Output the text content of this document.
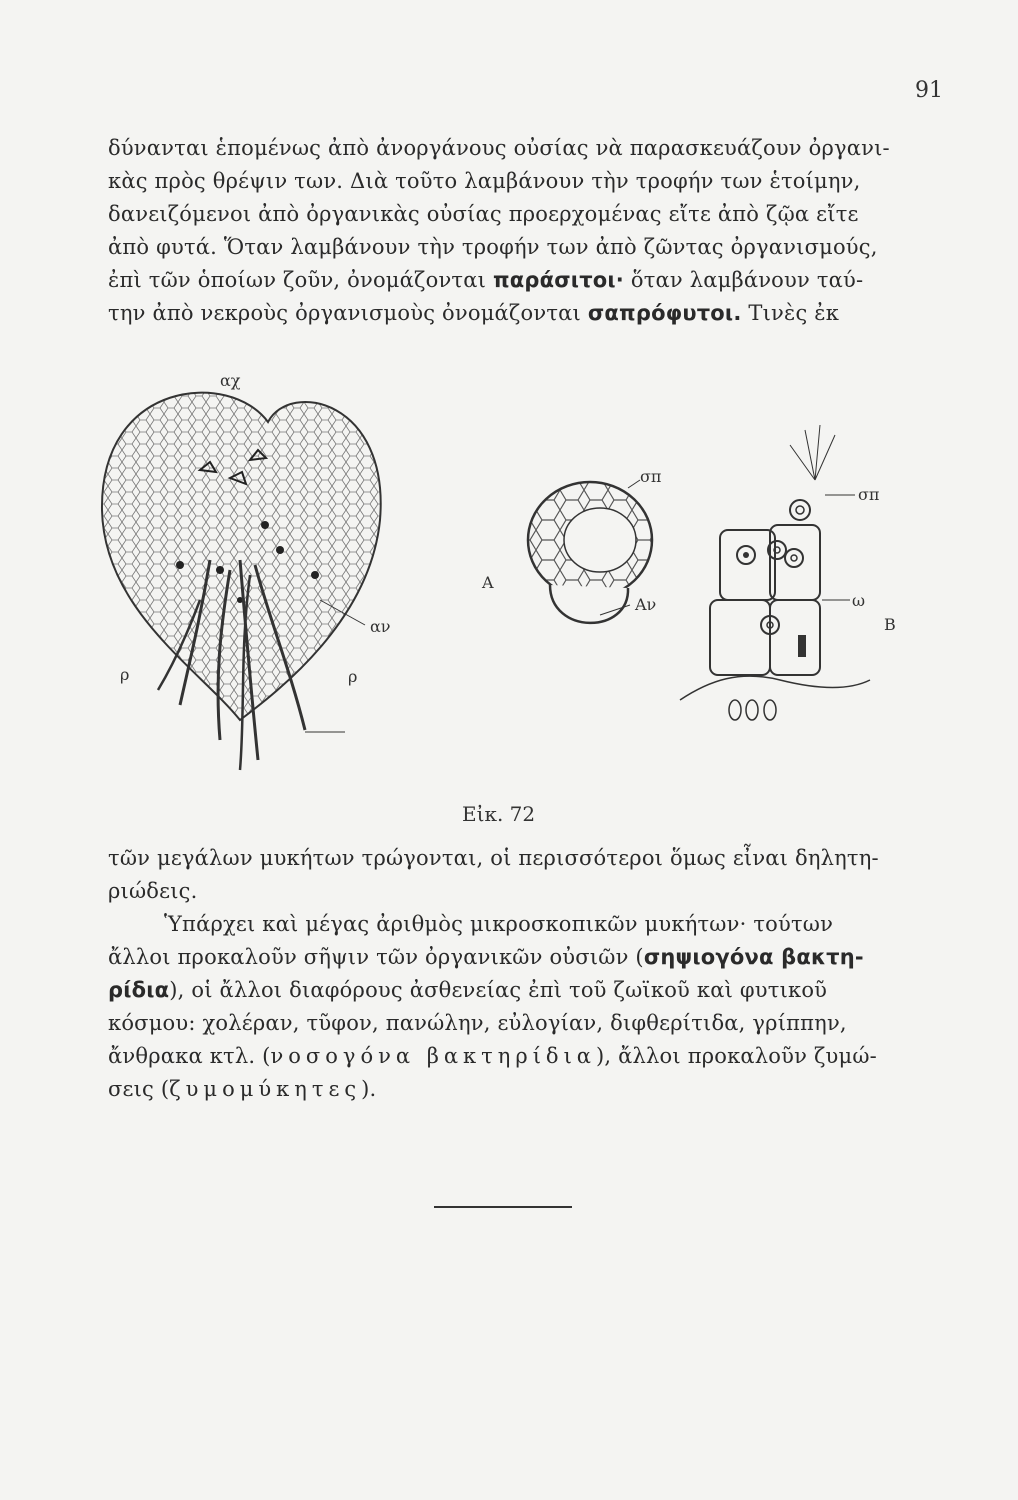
91
δύνανται ἑπομένως ἀπὸ ἀνοργάνους οὐσίας νὰ παρασκευάζουν ὀργανι-
κὰς πρὸς θρέψιν των. Διὰ τοῦτο λαμβάνουν τὴν τροφήν των ἑτοίμην,
δανειζόμενοι ἀπὸ ὀργανικὰς οὐσίας προερχομένας εἴτε ἀπὸ ζῷα εἴτε
ἀπὸ φυτά. Ὅταν λαμβάνουν τὴν τροφήν των ἀπὸ ζῶντας ὀργανισμούς,
ἐπὶ τῶν ὁποίων ζοῦν, ὀνομάζονται παράσιτοι· ὅταν λαμβάνουν ταύ-
την ἀπὸ νεκροὺς ὀργανισμοὺς ὀνομάζονται σαπρόφυτοι. Τινὲς ἐκ
αχ
αν
ρ	ρ
σπ
Αν
Α
σπ
ω
Β
Εἰκ. 72
τῶν μεγάλων μυκήτων τρώγονται, οἱ περισσότεροι ὅμως εἶναι δηλητη-
ριώδεις.
Ὑπάρχει καὶ μέγας ἀριθμὸς μικροσκοπικῶν μυκήτων· τούτων
ἄλλοι προκαλοῦν σῆψιν τῶν ὀργανικῶν οὐσιῶν (σηψιογόνα βακτη-
ρίδια), οἱ ἄλλοι διαφόρους ἀσθενείας ἐπὶ τοῦ ζωϊκοῦ καὶ φυτικοῦ
κόσμου: χολέραν, τῦφον, πανώλην, εὐλογίαν, διφθερίτιδα, γρίππην,
ἄνθρακα κτλ. (νοσογόνα βακτηρίδια), ἄλλοι προκαλοῦν ζυμώ-
σεις (ζυμομύκητες).
